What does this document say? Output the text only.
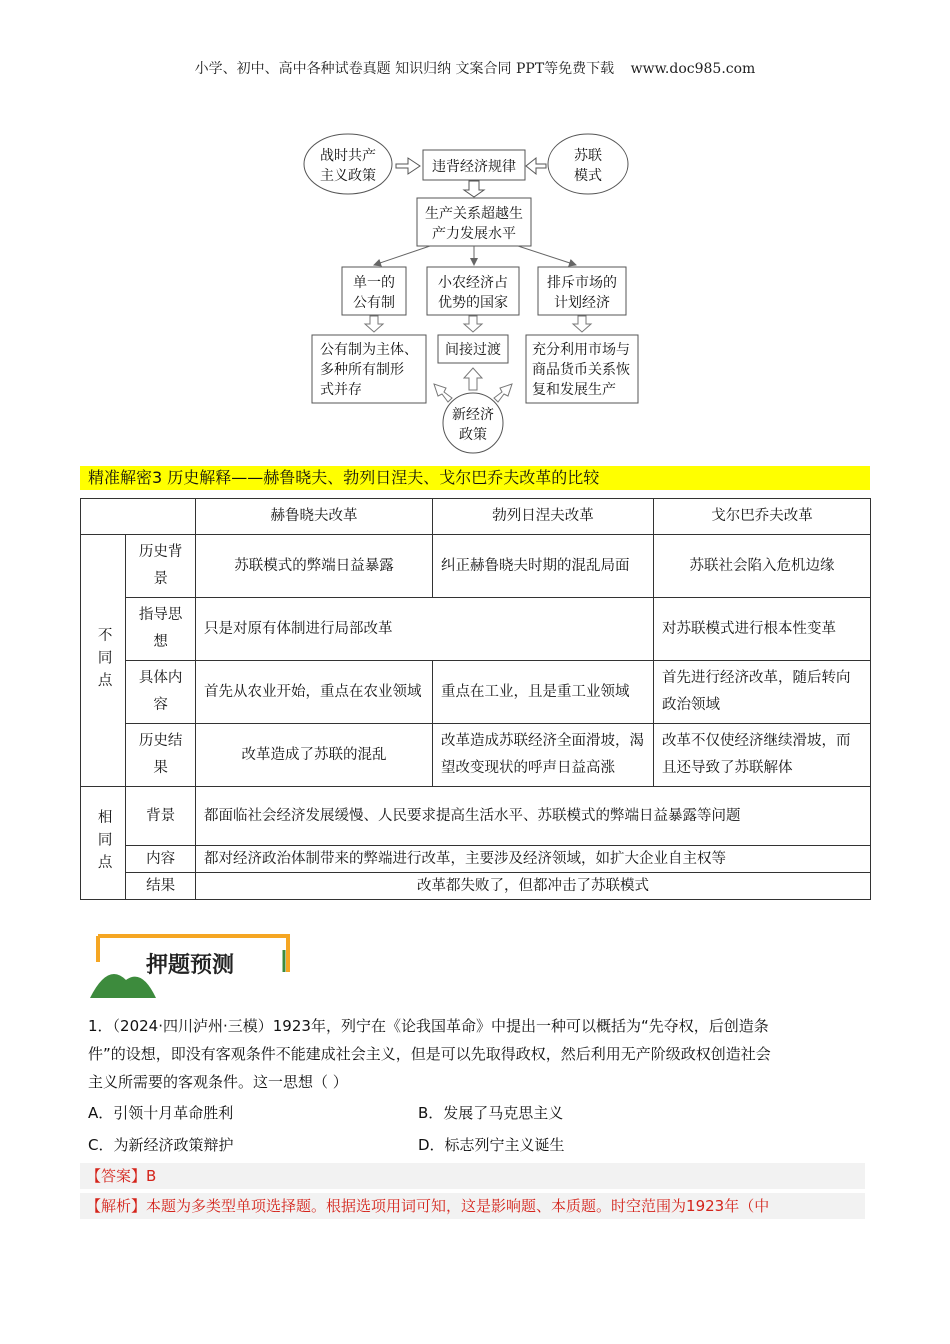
小学、初中、高中各种试卷真题 知识归纳 文案合同 PPT等免费下载 www.doc985.com
战时共产
主义政策
违背经济规律
苏联
模式
生产关系超越生
产力发展水平
单一的
公有制
小农经济占
优势的国家
排斥市场的
计划经济
公有制为主体、
多种所有制形
式并存
间接过渡 充分利用市场与
商品货币关系恢
复和发展生产
新经济
政策
精准解密3 历史解释——赫鲁晓夫、勃列日涅夫、戈尔巴乔夫改革的比较
		赫鲁晓夫改革	勃列日涅夫改革	戈尔巴乔夫改革
不同点	历史背景	苏联模式的弊端日益暴露	纠正赫鲁晓夫时期的混乱局面	苏联社会陷入危机边缘
	指导思想	只是对原有体制进行局部改革		对苏联模式进行根本性变革
	具体内容	首先从农业开始，重点在农业领域	重点在工业，且是重工业领域	首先进行经济改革，随后转向政治领域
	历史结果	改革造成了苏联的混乱	改革造成苏联经济全面滑坡，渴望改变现状的呼声日益高涨	改革不仅使经济继续滑坡，而且还导致了苏联解体
相同点	背景	都面临社会经济发展缓慢、人民要求提高生活水平、苏联模式的弊端日益暴露等问题		
	内容	都对经济政治体制带来的弊端进行改革，主要涉及经济领域，如扩大企业自主权等		
	结果	改革都失败了，但都冲击了苏联模式		
押题预测
1．（2024·四川泸州·三模）1923年，列宁在《论我国革命》中提出一种可以概括为“先夺权，后创造条
件”的设想，即没有客观条件不能建成社会主义，但是可以先取得政权，然后利用无产阶级政权创造社会
主义所需要的客观条件。这一思想（ ）
A．引领十月革命胜利	B．发展了马克思主义
C．为新经济政策辩护	D．标志列宁主义诞生
【答案】B
【解析】本题为多类型单项选择题。根据选项用词可知，这是影响题、本质题。时空范围为1923年（中
